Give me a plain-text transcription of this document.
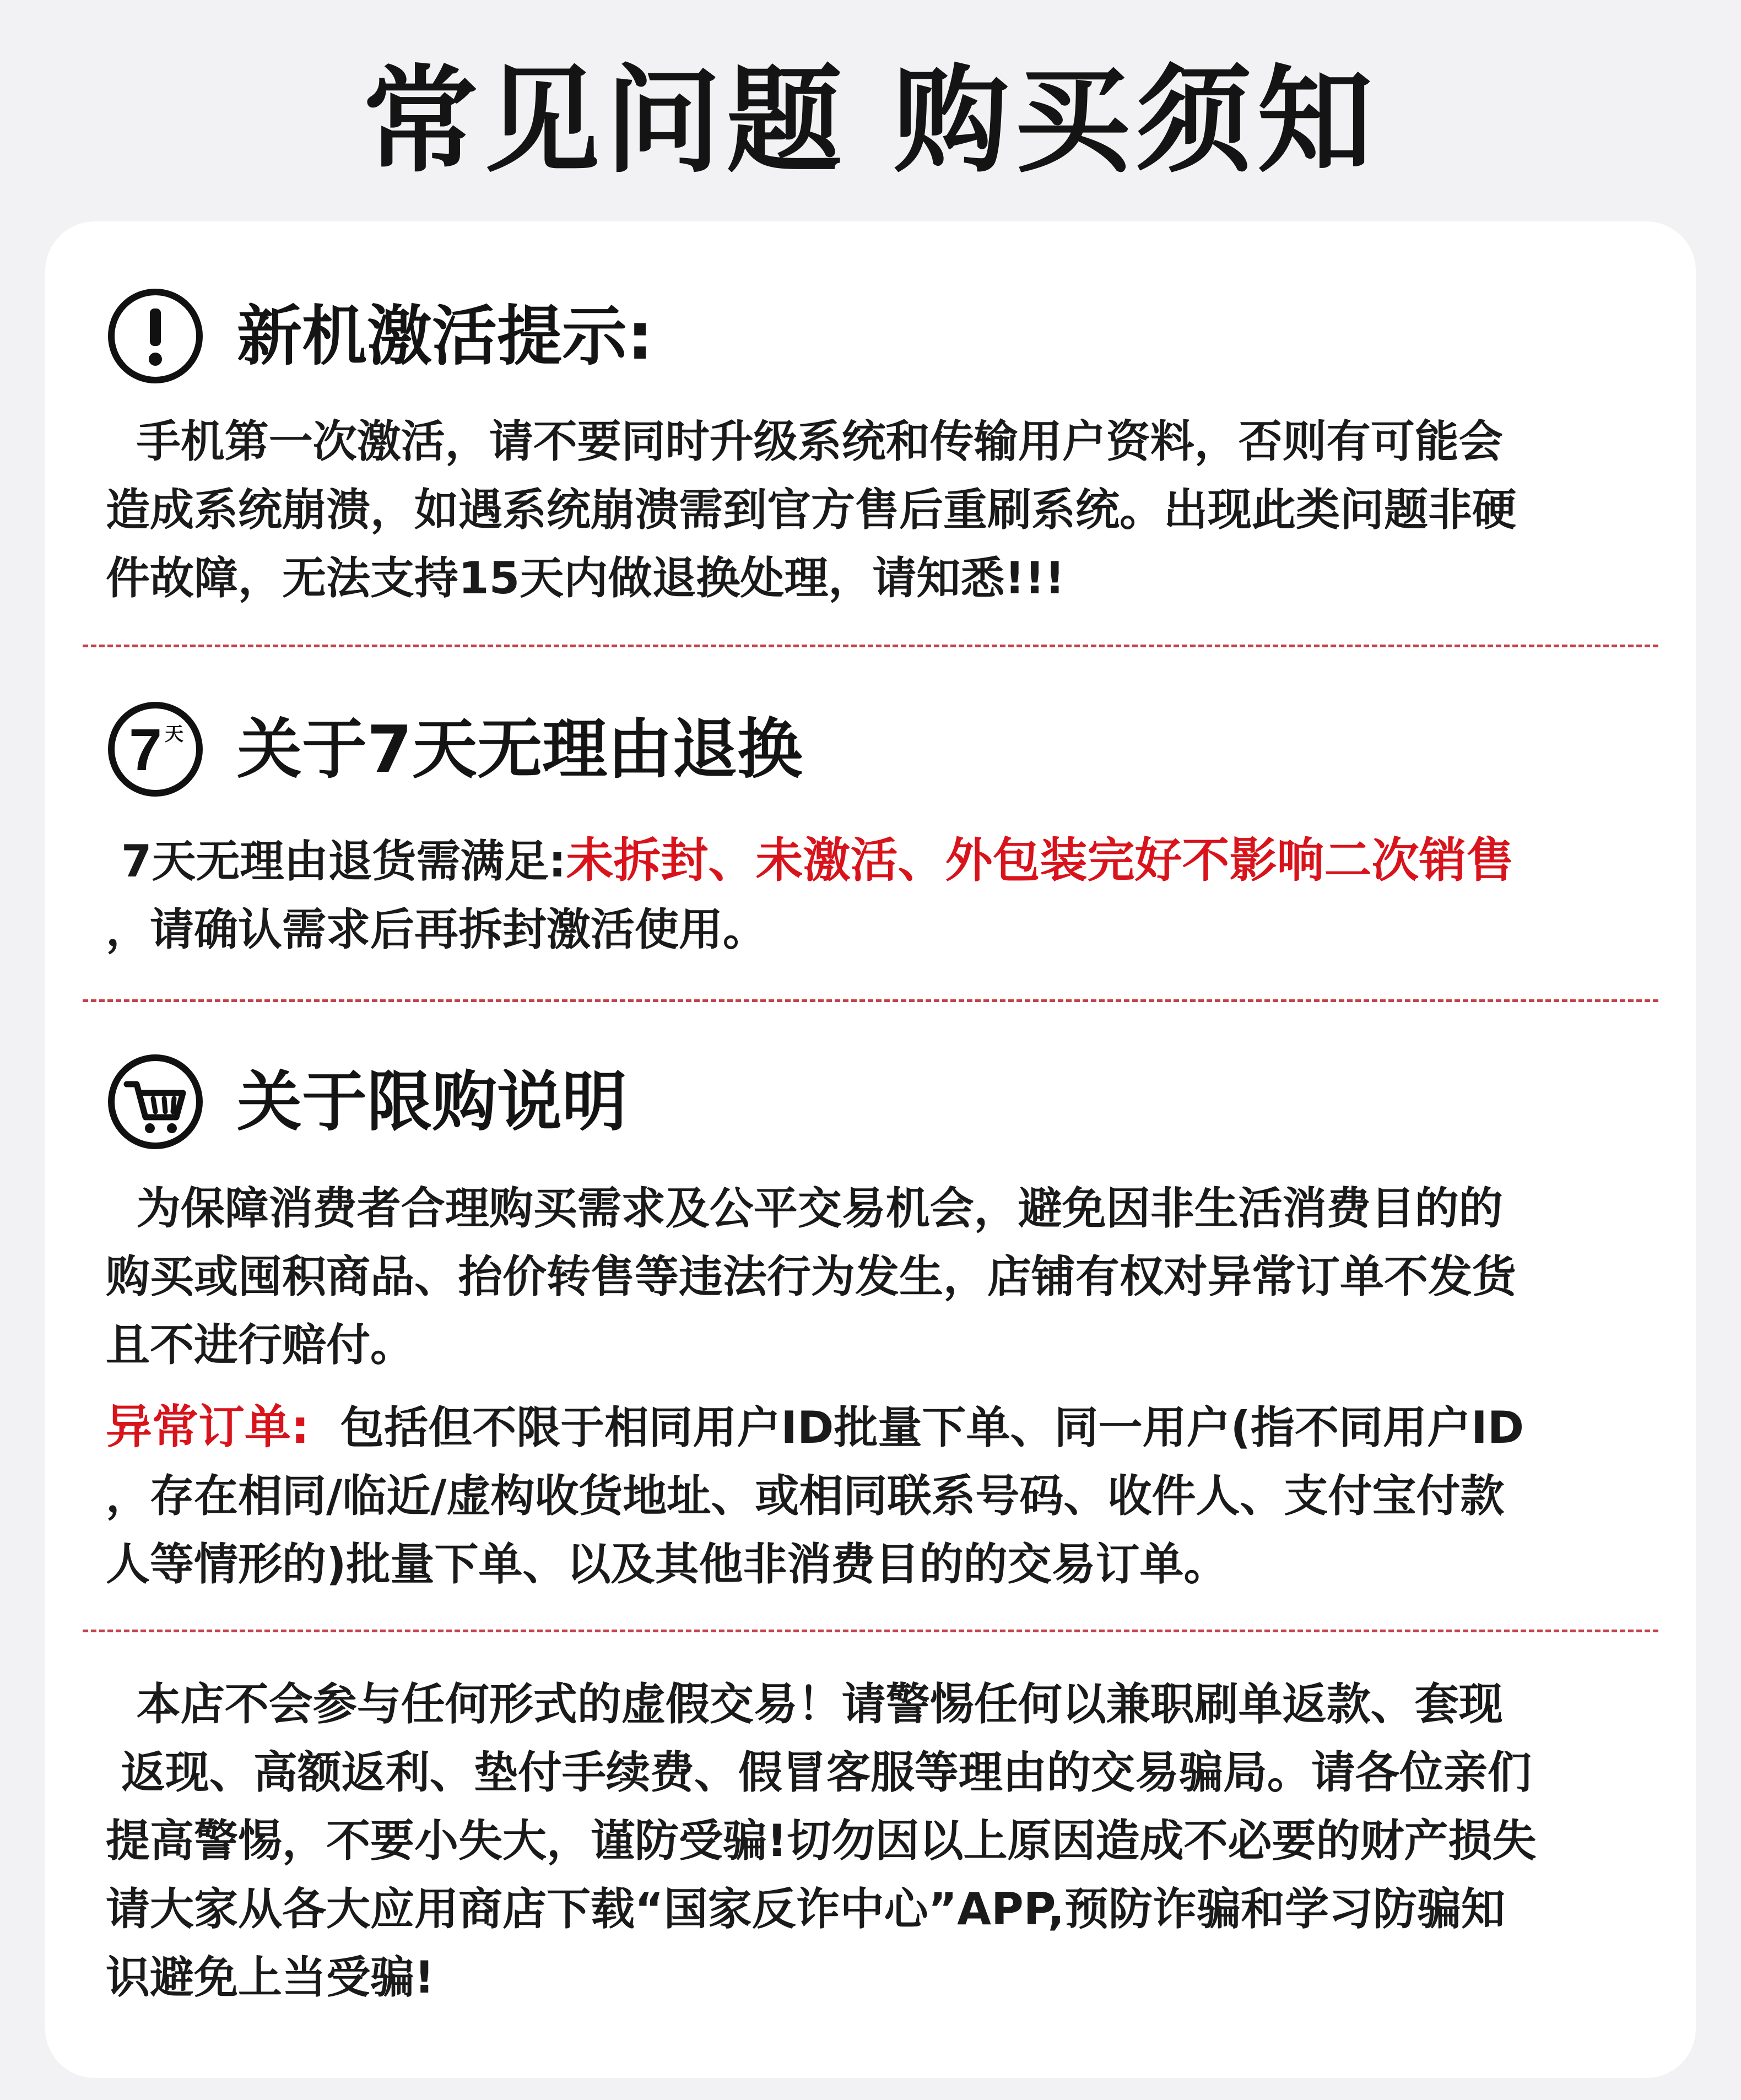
常见问题 购买须知
新机激活提示:
手机第一次激活，请不要同时升级系统和传输用户资料，否则有可能会
造成系统崩溃，如遇系统崩溃需到官方售后重刷系统。出现此类问题非硬
件故障，无法支持15天内做退换处理，请知悉!!!
7 天 关于7天无理由退换
7天无理由退货需满足:未拆封、未激活、外包装完好不影响二次销售
，请确认需求后再拆封激活使用。
关于限购说明
为保障消费者合理购买需求及公平交易机会，避免因非生活消费目的的
购买或囤积商品、抬价转售等违法行为发生，店铺有权对异常订单不发货
且不进行赔付。
异常订单:  包括但不限于相同用户ID批量下单、同一用户(指不同用户ID
，存在相同/临近/虚构收货地址、或相同联系号码、收件人、支付宝付款
人等情形的)批量下单、以及其他非消费目的的交易订单。
本店不会参与任何形式的虚假交易！请警惕任何以兼职刷单返款、套现
返现、高额返利、垫付手续费、假冒客服等理由的交易骗局。请各位亲们
提高警惕，不要小失大，谨防受骗!切勿因以上原因造成不必要的财产损失
请大家从各大应用商店下载“国家反诈中心”APP,预防诈骗和学习防骗知
识避免上当受骗!
